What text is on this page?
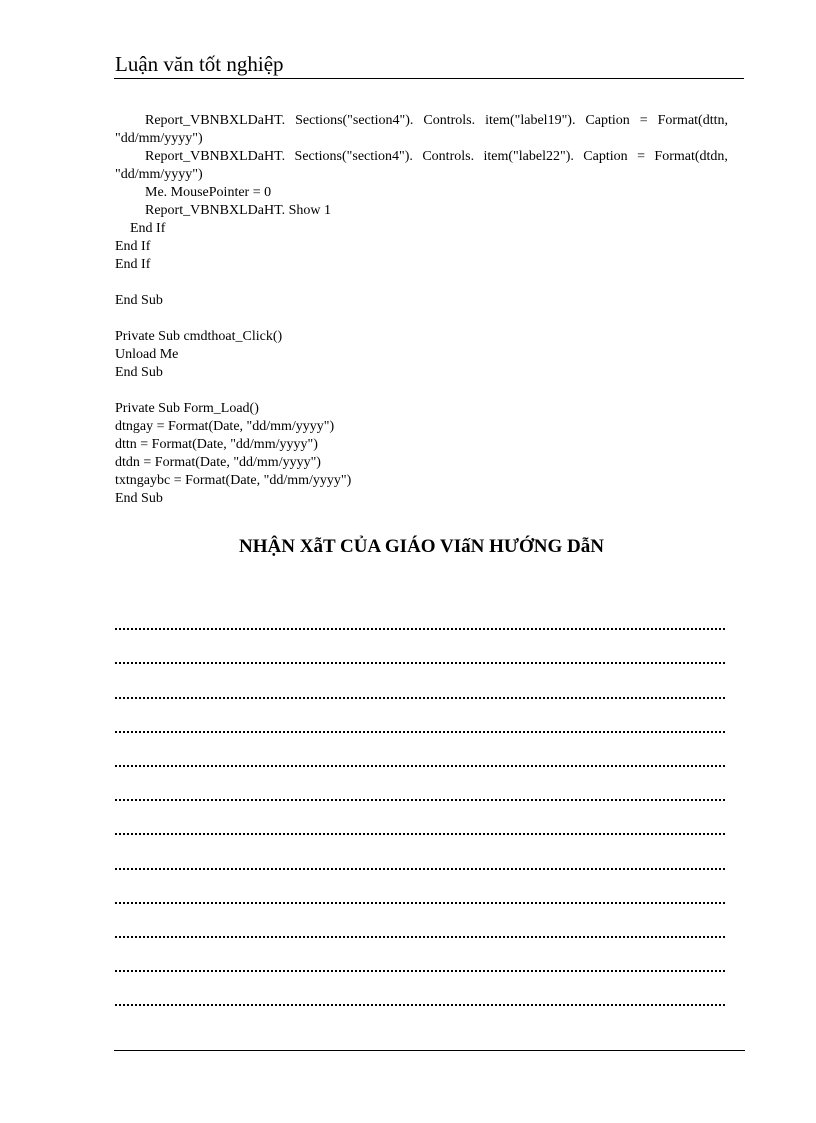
Luận văn tốt nghiệp
Report_VBNBXLDaHT. Sections("section4"). Controls. item("label19"). Caption = Format(dttn,
"dd/mm/yyyy")
Report_VBNBXLDaHT. Sections("section4"). Controls. item("label22"). Caption = Format(dtdn,
"dd/mm/yyyy")
Me. MousePointer = 0
Report_VBNBXLDaHT. Show 1
End If
End If
End If
End Sub
Private Sub cmdthoat_Click()
Unload Me
End Sub
Private Sub Form_Load()
dtngay = Format(Date, "dd/mm/yyyy")
dttn = Format(Date, "dd/mm/yyyy")
dtdn = Format(Date, "dd/mm/yyyy")
txtngaybc = Format(Date, "dd/mm/yyyy")
End Sub
NHẬN XẫT CỦA GIÁO VIấN HƯỚNG DẫN
